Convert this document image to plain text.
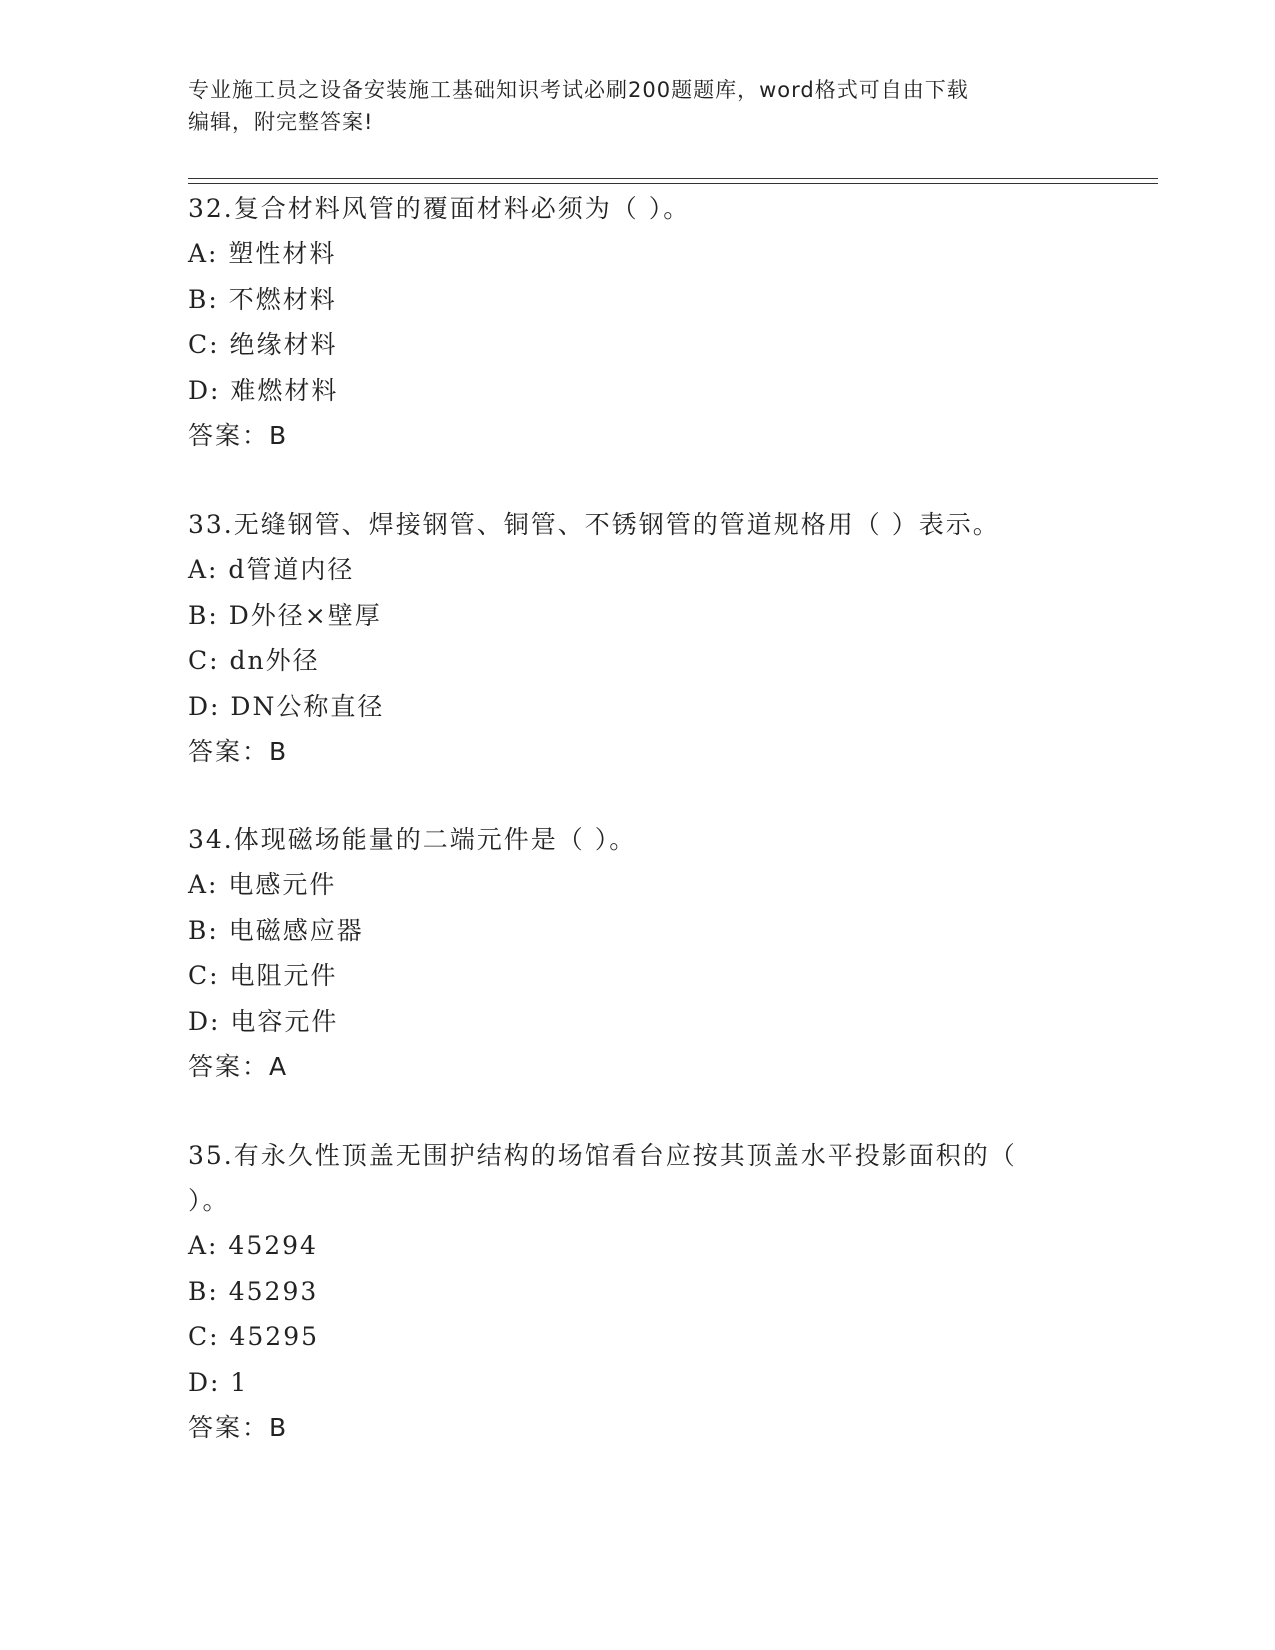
专业施工员之设备安装施工基础知识考试必刷200题题库，word格式可自由下载
编辑，附完整答案!
32.复合材料风管的覆面材料必须为（ ）。
A: 塑性材料
B: 不燃材料
C: 绝缘材料
D: 难燃材料
答案：B
33.无缝钢管、焊接钢管、铜管、不锈钢管的管道规格用（ ）表示。
A: d管道内径
B: D外径×壁厚
C: dn外径
D: DN公称直径
答案：B
34.体现磁场能量的二端元件是（ ）。
A: 电感元件
B: 电磁感应器
C: 电阻元件
D: 电容元件
答案：A
35.有永久性顶盖无围护结构的场馆看台应按其顶盖水平投影面积的（
）。
A: 45294
B: 45293
C: 45295
D: 1
答案：B
